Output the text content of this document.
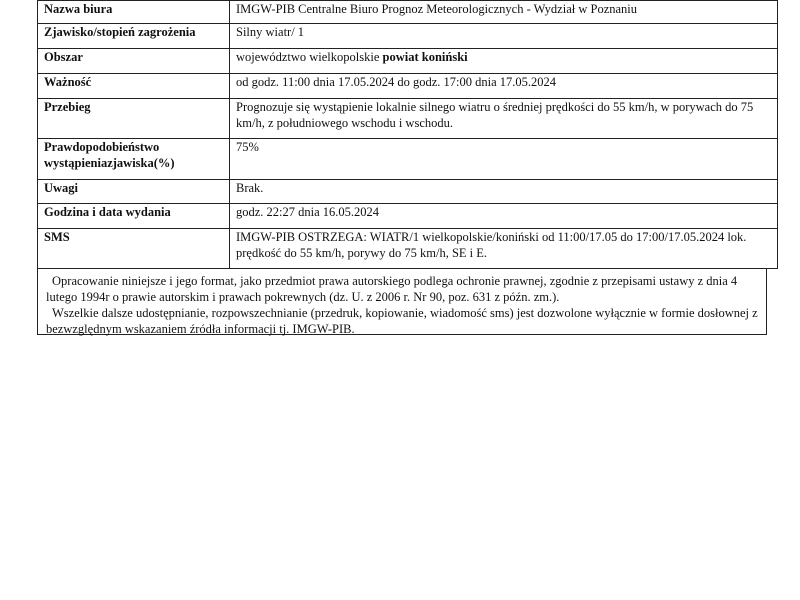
Nazwa biura	IMGW-PIB Centralne Biuro Prognoz Meteorologicznych - Wydział w Poznaniu
Zjawisko/stopień zagrożenia	Silny wiatr/ 1
Obszar	województwo wielkopolskie powiat koniński
Ważność	od godz. 11:00 dnia 17.05.2024 do godz. 17:00 dnia 17.05.2024
Przebieg	Prognozuje się wystąpienie lokalnie silnego wiatru o średniej prędkości do 55 km/h, w porywach do 75 km/h, z południowego wschodu i wschodu.
Prawdopodobieństwo wystąpieniazjawiska(%)	75%
Uwagi	Brak.
Godzina i data wydania	godz. 22:27 dnia 16.05.2024
SMS	IMGW-PIB OSTRZEGA: WIATR/1 wielkopolskie/koniński od 11:00/17.05 do 17:00/17.05.2024 lok. prędkość do 55 km/h, porywy do 75 km/h, SE i E.

Opracowanie niniejsze i jego format, jako przedmiot prawa autorskiego podlega ochronie prawnej, zgodnie z przepisami ustawy z dnia 4 lutego 1994r o prawie autorskim i prawach pokrewnych (dz. U. z 2006 r. Nr 90, poz. 631 z późn. zm.).

Wszelkie dalsze udostępnianie, rozpowszechnianie (przedruk, kopiowanie, wiadomość sms) jest dozwolone wyłącznie w formie dosłownej z bezwzględnym wskazaniem źródła informacji tj. IMGW-PIB.
